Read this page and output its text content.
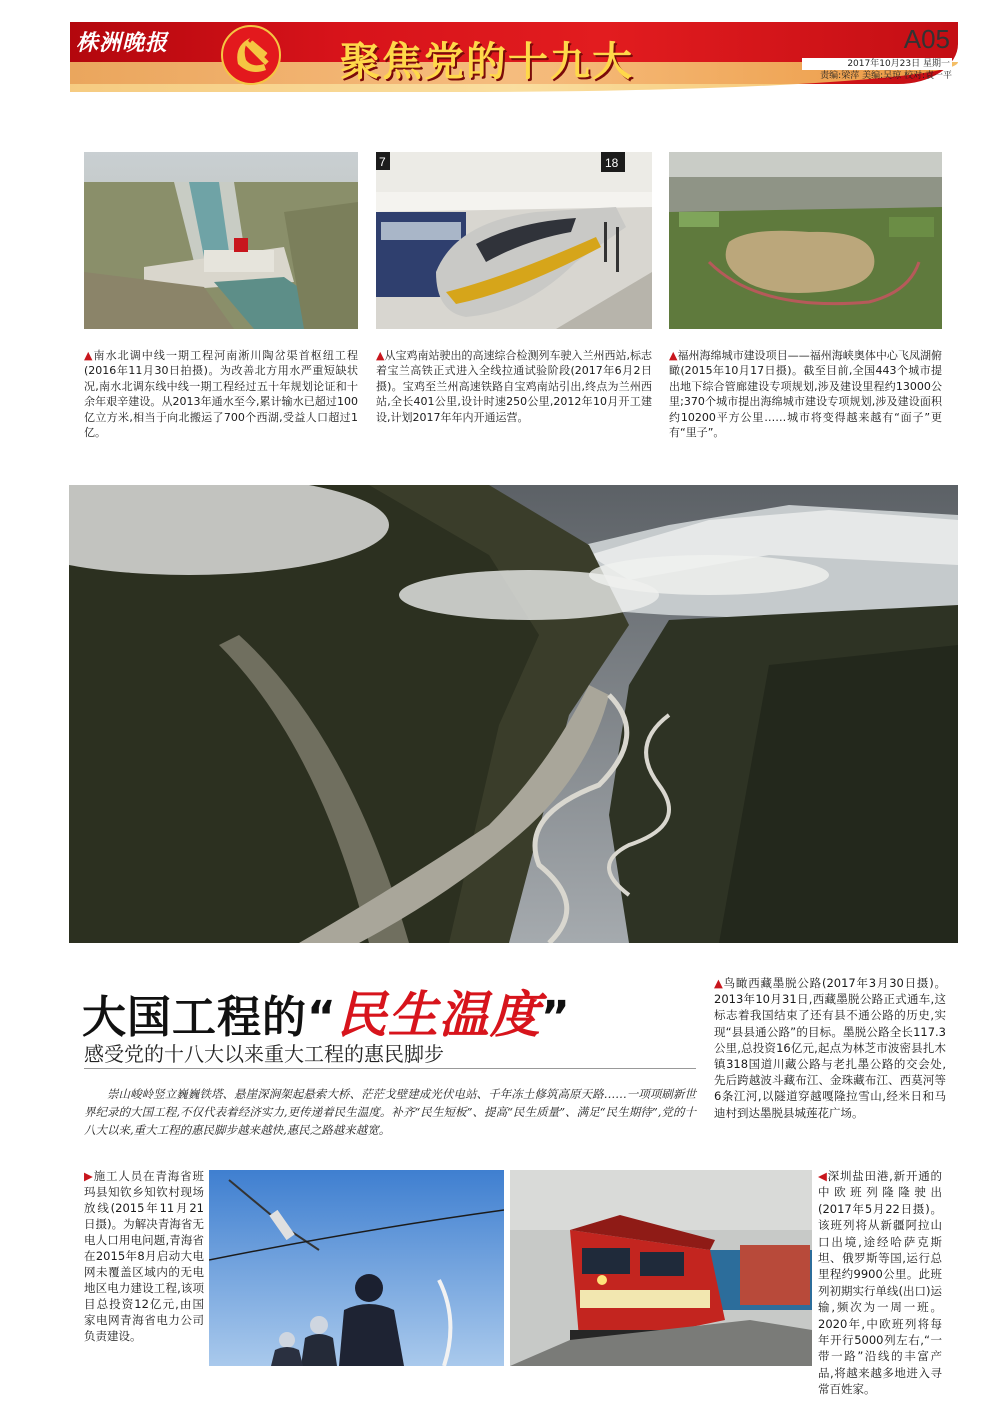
株洲晚报	聚焦党的十九大	A05
2017年10月23日 星期一
责编:梁萍 美编:吴琼 校对:袁一平
▲南水北调中线一期工程河南淅川陶岔渠首枢纽工程(2016年11月30日拍摄)。为改善北方用水严重短缺状况,南水北调东线中线一期工程经过五十年规划论证和十余年艰辛建设。从2013年通水至今,累计输水已超过100亿立方米,相当于向北搬运了700个西湖,受益人口超过1亿。
7	18
▲从宝鸡南站驶出的高速综合检测列车驶入兰州西站,标志着宝兰高铁正式进入全线拉通试验阶段(2017年6月2日摄)。宝鸡至兰州高速铁路自宝鸡南站引出,终点为兰州西站,全长401公里,设计时速250公里,2012年10月开工建设,计划2017年年内开通运营。
▲福州海绵城市建设项目——福州海峡奥体中心飞凤湖俯瞰(2015年10月17日摄)。截至目前,全国443个城市提出地下综合管廊建设专项规划,涉及建设里程约13000公里;370个城市提出海绵城市建设专项规划,涉及建设面积约10200平方公里……城市将变得越来越有“面子”更有“里子”。
大国工程的“民生温度”
感受党的十八大以来重大工程的惠民脚步
崇山峻岭竖立巍巍铁塔、悬崖深涧架起悬索大桥、茫茫戈壁建成光伏电站、千年冻土修筑高原天路……一项项刷新世界纪录的大国工程,不仅代表着经济实力,更传递着民生温度。补齐“民生短板”、提高“民生质量”、满足“民生期待”,党的十八大以来,重大工程的惠民脚步越来越快,惠民之路越来越宽。
▲鸟瞰西藏墨脱公路(2017年3月30日摄)。2013年10月31日,西藏墨脱公路正式通车,这标志着我国结束了还有县不通公路的历史,实现“县县通公路”的目标。墨脱公路全长117.3公里,总投资16亿元,起点为林芝市波密县扎木镇318国道川藏公路与老扎墨公路的交会处,先后跨越波斗藏布江、金珠藏布江、西莫河等6条江河,以隧道穿越嘎隆拉雪山,经米日和马迪村到达墨脱县城莲花广场。
▶施工人员在青海省班玛县知钦乡知钦村现场放线(2015年11月21日摄)。为解决青海省无电人口用电问题,青海省在2015年8月启动大电网未覆盖区域内的无电地区电力建设工程,该项目总投资12亿元,由国家电网青海省电力公司负责建设。
◀深圳盐田港,新开通的中欧班列隆隆驶出(2017年5月22日摄)。该班列将从新疆阿拉山口出境,途经哈萨克斯坦、俄罗斯等国,运行总里程约9900公里。此班列初期实行单线(出口)运输,频次为一周一班。2020年,中欧班列将每年开行5000列左右,“一带一路”沿线的丰富产品,将越来越多地进入寻常百姓家。
